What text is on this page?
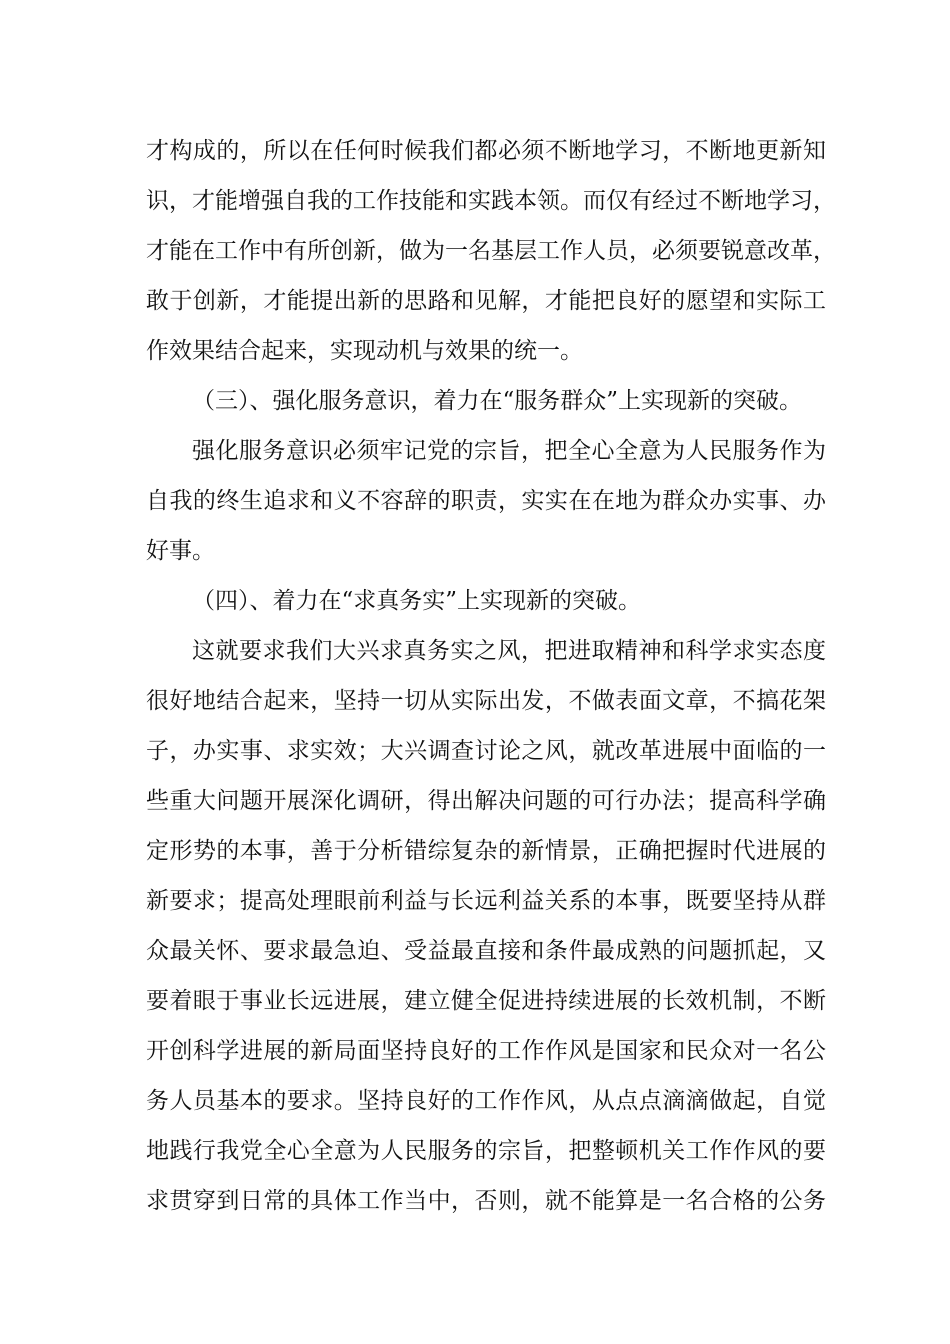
才构成的，所以在任何时候我们都必须不断地学习，不断地更新知
识，才能增强自我的工作技能和实践本领。而仅有经过不断地学习，
才能在工作中有所创新，做为一名基层工作人员，必须要锐意改革，
敢于创新，才能提出新的思路和见解，才能把良好的愿望和实际工
作效果结合起来，实现动机与效果的统一。
（三）、强化服务意识，着力在“服务群众”上实现新的突破。
强化服务意识必须牢记党的宗旨，把全心全意为人民服务作为
自我的终生追求和义不容辞的职责，实实在在地为群众办实事、办
好事。
（四）、着力在“求真务实”上实现新的突破。
这就要求我们大兴求真务实之风，把进取精神和科学求实态度
很好地结合起来，坚持一切从实际出发，不做表面文章，不搞花架
子，办实事、求实效；大兴调查讨论之风，就改革进展中面临的一
些重大问题开展深化调研，得出解决问题的可行办法；提高科学确
定形势的本事，善于分析错综复杂的新情景，正确把握时代进展的
新要求；提高处理眼前利益与长远利益关系的本事，既要坚持从群
众最关怀、要求最急迫、受益最直接和条件最成熟的问题抓起，又
要着眼于事业长远进展，建立健全促进持续进展的长效机制，不断
开创科学进展的新局面坚持良好的工作作风是国家和民众对一名公
务人员基本的要求。坚持良好的工作作风，从点点滴滴做起，自觉
地践行我党全心全意为人民服务的宗旨，把整顿机关工作作风的要
求贯穿到日常的具体工作当中，否则，就不能算是一名合格的公务
